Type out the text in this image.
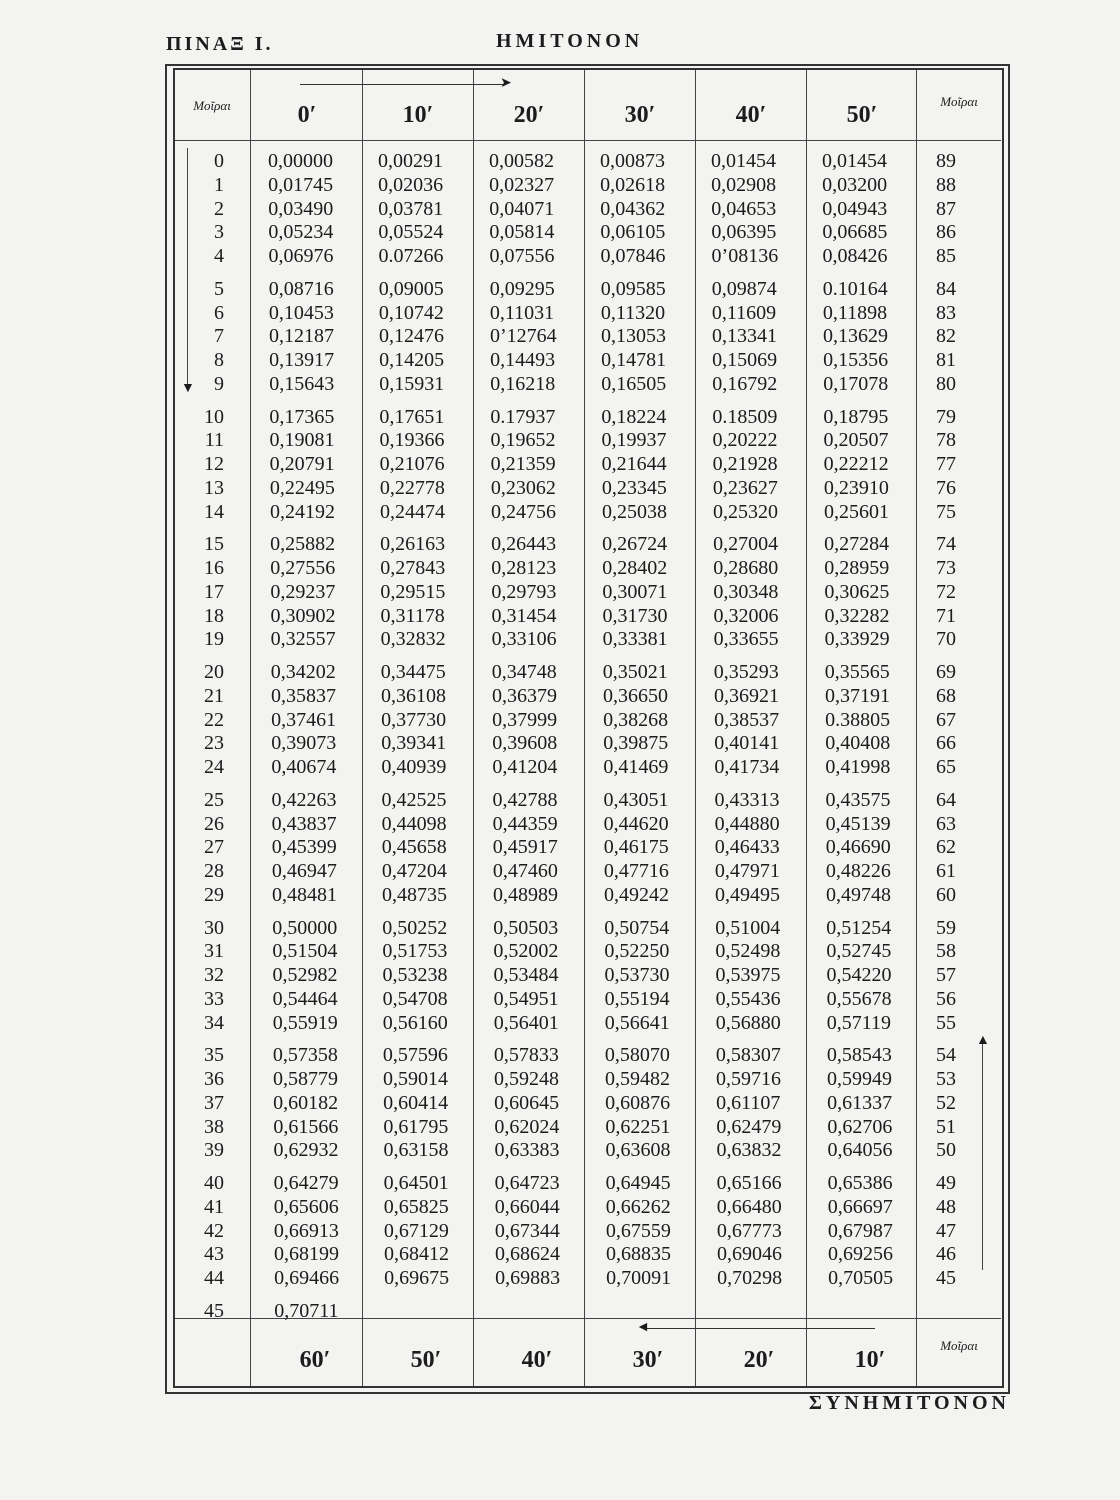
ΠΙΝΑΞ Ι.	ΗΜΙΤΟΝΟΝ
ΣΥΝΗΜΙΤΟΝΟΝ
Μοῖραι	Μοῖραι
Μοῖραι
➤
◄
▼
▲
0′	10′	20′	30′	40′	50′
60′	50′	40′	30′	20′	10′
0 0,00000 0,00291 0,00582 0,00873 0,01454 0,01454	89
1 0,01745 0,02036 0,02327 0,02618 0,02908 0,03200	88
2 0,03490 0,03781 0,04071 0,04362 0,04653 0,04943	87
3 0,05234 0,05524 0,05814 0,06105 0,06395 0,06685	86
4 0,06976 0.07266 0,07556 0,07846 0’08136 0,08426	85
5 0,08716 0,09005 0,09295 0,09585 0,09874 0.10164	84
6 0,10453 0,10742 0,11031 0,11320 0,11609 0,11898	83
7 0,12187 0,12476 0’12764 0,13053 0,13341 0,13629	82
8 0,13917 0,14205 0,14493 0,14781 0,15069 0,15356	81
9 0,15643 0,15931 0,16218 0,16505 0,16792 0,17078	80
10 0,17365 0,17651 0.17937 0,18224 0.18509 0,18795	79
11 0,19081 0,19366 0,19652 0,19937 0,20222 0,20507	78
12 0,20791 0,21076 0,21359 0,21644 0,21928 0,22212	77
13 0,22495 0,22778 0,23062 0,23345 0,23627 0,23910	76
14 0,24192 0,24474 0,24756 0,25038 0,25320 0,25601	75
15 0,25882 0,26163 0,26443 0,26724 0,27004 0,27284	74
16 0,27556 0,27843 0,28123 0,28402 0,28680 0,28959	73
17 0,29237 0,29515 0,29793 0,30071 0,30348 0,30625	72
18 0,30902 0,31178 0,31454 0,31730 0,32006 0,32282	71
19 0,32557 0,32832 0,33106 0,33381 0,33655 0,33929	70
20 0,34202 0,34475 0,34748 0,35021 0,35293 0,35565	69
21 0,35837 0,36108 0,36379 0,36650 0,36921 0,37191	68
22 0,37461 0,37730 0,37999 0,38268 0,38537 0.38805	67
23 0,39073 0,39341 0,39608 0,39875 0,40141 0,40408	66
24 0,40674 0,40939 0,41204 0,41469 0,41734 0,41998	65
25 0,42263 0,42525 0,42788 0,43051 0,43313 0,43575	64
26 0,43837 0,44098 0,44359 0,44620 0,44880 0,45139	63
27 0,45399 0,45658 0,45917 0,46175 0,46433 0,46690	62
28 0,46947 0,47204 0,47460 0,47716 0,47971 0,48226	61
29 0,48481 0,48735 0,48989 0,49242 0,49495 0,49748	60
30 0,50000 0,50252 0,50503 0,50754 0,51004 0,51254	59
31 0,51504 0,51753 0,52002 0,52250 0,52498 0,52745	58
32 0,52982 0,53238 0,53484 0,53730 0,53975 0,54220	57
33 0,54464 0,54708 0,54951 0,55194 0,55436 0,55678	56
34 0,55919 0,56160 0,56401 0,56641 0,56880 0,57119	55
35 0,57358 0,57596 0,57833 0,58070 0,58307 0,58543	54
36 0,58779 0,59014 0,59248 0,59482 0,59716 0,59949	53
37 0,60182 0,60414 0,60645 0,60876 0,61107 0,61337	52
38 0,61566 0,61795 0,62024 0,62251 0,62479 0,62706	51
39 0,62932 0,63158 0,63383 0,63608 0,63832 0,64056	50
40 0,64279 0,64501 0,64723 0,64945 0,65166 0,65386	49
41 0,65606 0,65825 0,66044 0,66262 0,66480 0,66697	48
42 0,66913 0,67129 0,67344 0,67559 0,67773 0,67987	47
43	0,68199 0,68412 0,68624 0,68835 0,69046 0,69256	46
44	0,69466 0,69675 0,69883 0,70091 0,70298 0,70505	45
45	0,70711
